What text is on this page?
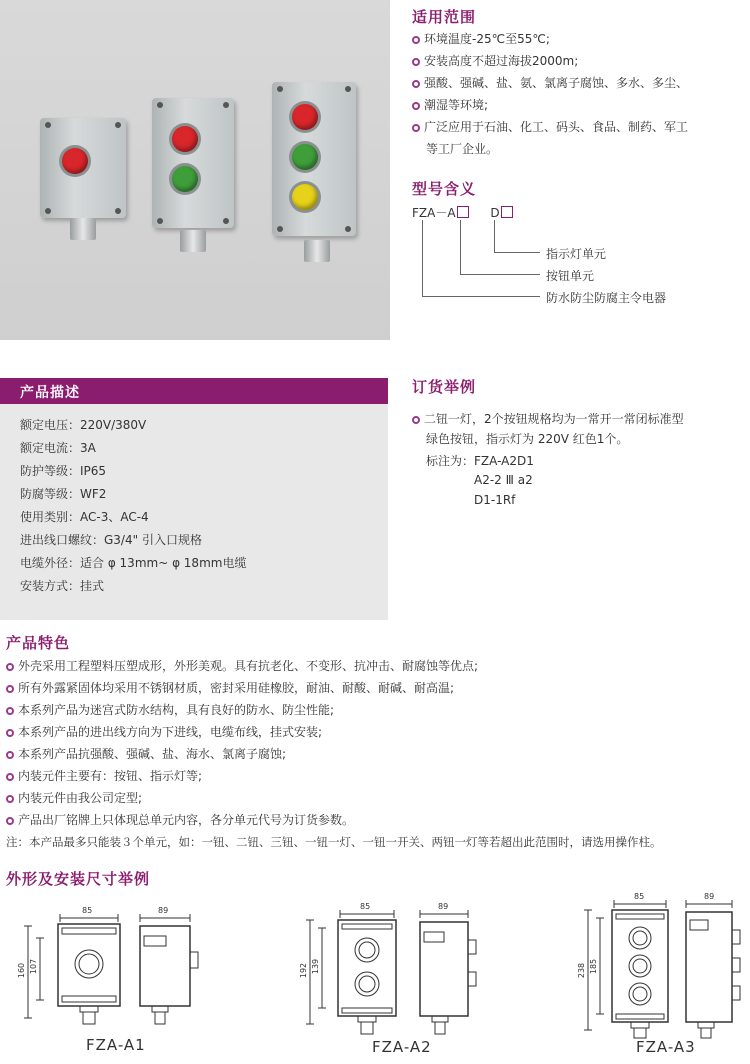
适用范围
环境温度-25℃至55℃;
安装高度不超过海拔2000m;
强酸、强碱、盐、氨、氯离子腐蚀、多水、多尘、
潮湿等环境;
广泛应用于石油、化工、码头、食品、制药、军工
等工厂企业。
型号含义
FZA－A	D
指示灯单元
按钮单元
防水防尘防腐主令电器
产品描述
额定电压：220V/380V
额定电流：3A
防护等级：IP65
防腐等级：WF2
使用类别：AC-3、AC-4
进出线口螺纹：G3/4" 引入口规格
电缆外径：适合 φ 13mm~ φ 18mm电缆
安装方式：挂式
订货举例
二钮一灯，2个按钮规格均为一常开一常闭标准型
绿色按钮，指示灯为 220V 红色1个。
标注为：FZA-A2D1
A2-2 Ⅲ a2
D1-1Rf
产品特色
外壳采用工程塑料压塑成形，外形美观。具有抗老化、不变形、抗冲击、耐腐蚀等优点;
所有外露紧固体均采用不锈钢材质，密封采用硅橡胶，耐油、耐酸、耐碱、耐高温;
本系列产品为迷宫式防水结构，具有良好的防水、防尘性能;
本系列产品的进出线方向为下进线，电缆布线，挂式安装;
本系列产品抗强酸、强碱、盐、海水、氯离子腐蚀;
内装元件主要有：按钮、指示灯等;
内装元件由我公司定型;
产品出厂铭牌上只体现总单元内容，各分单元代号为订货参数。
注：本产品最多只能装３个单元，如：一钮、二钮、三钮、一钮一灯、一钮一开关、两钮一灯等若超出此范围时，请选用操作柱。
外形及安装尺寸举例
85	89
160 107
FZA-A1
85	89
192 139
FZA-A2
85	89
238 185
FZA-A3
